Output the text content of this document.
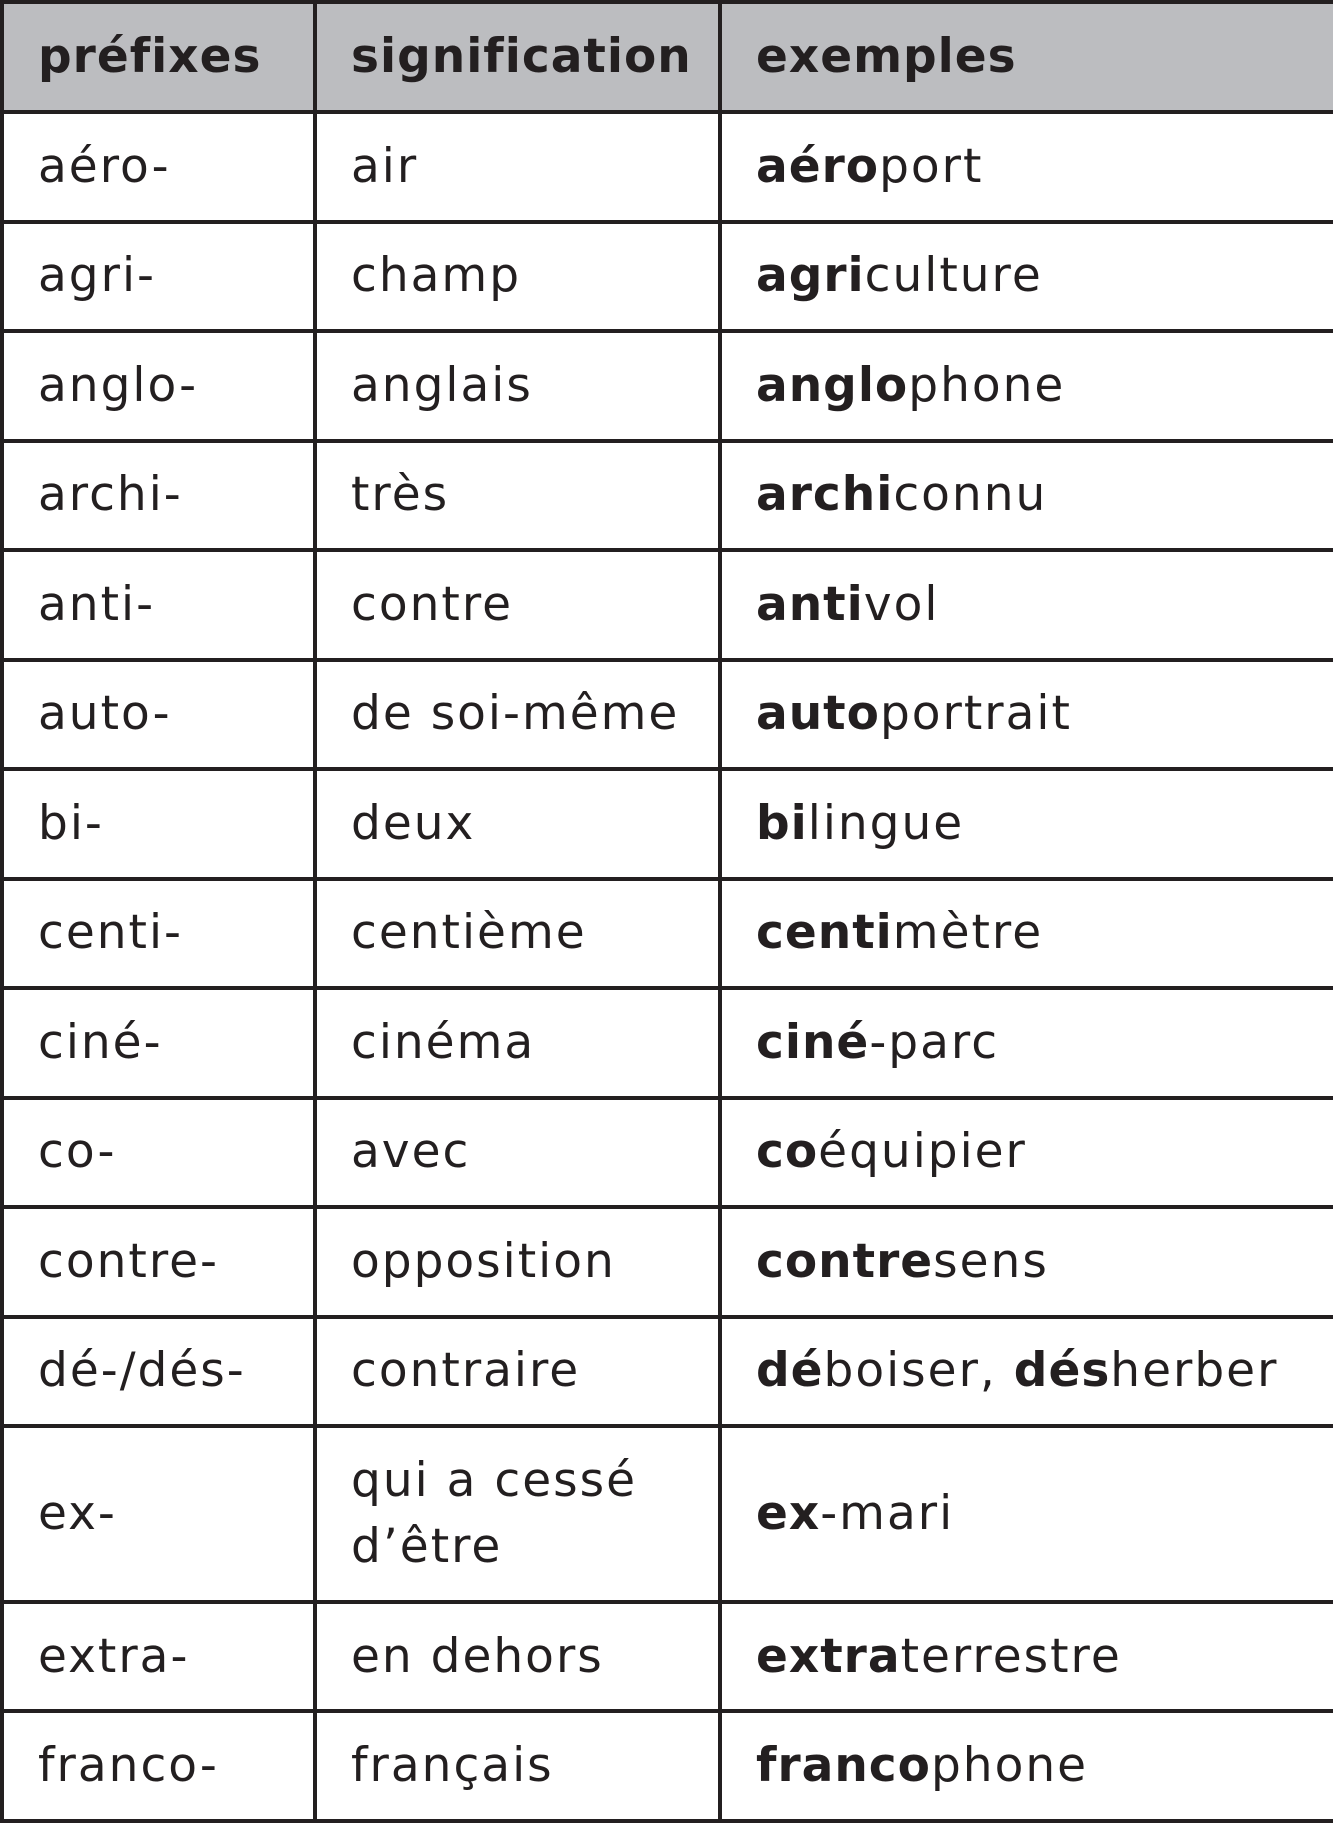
préfixes	signification	exemples
aéro-	air	aéroport
agri-	champ	agriculture
anglo-	anglais	anglophone
archi-	très	archiconnu
anti-	contre	antivol
auto-	de soi-même	autoportrait
bi-	deux	bilingue
centi-	centième	centimètre
ciné-	cinéma	ciné-parc
co-	avec	coéquipier
contre-	opposition	contresens
dé-/dés-	contraire	déboiser, désherber
ex-	qui a cessé d’être	ex-mari
extra-	en dehors	extraterrestre
franco-	français	francophone
